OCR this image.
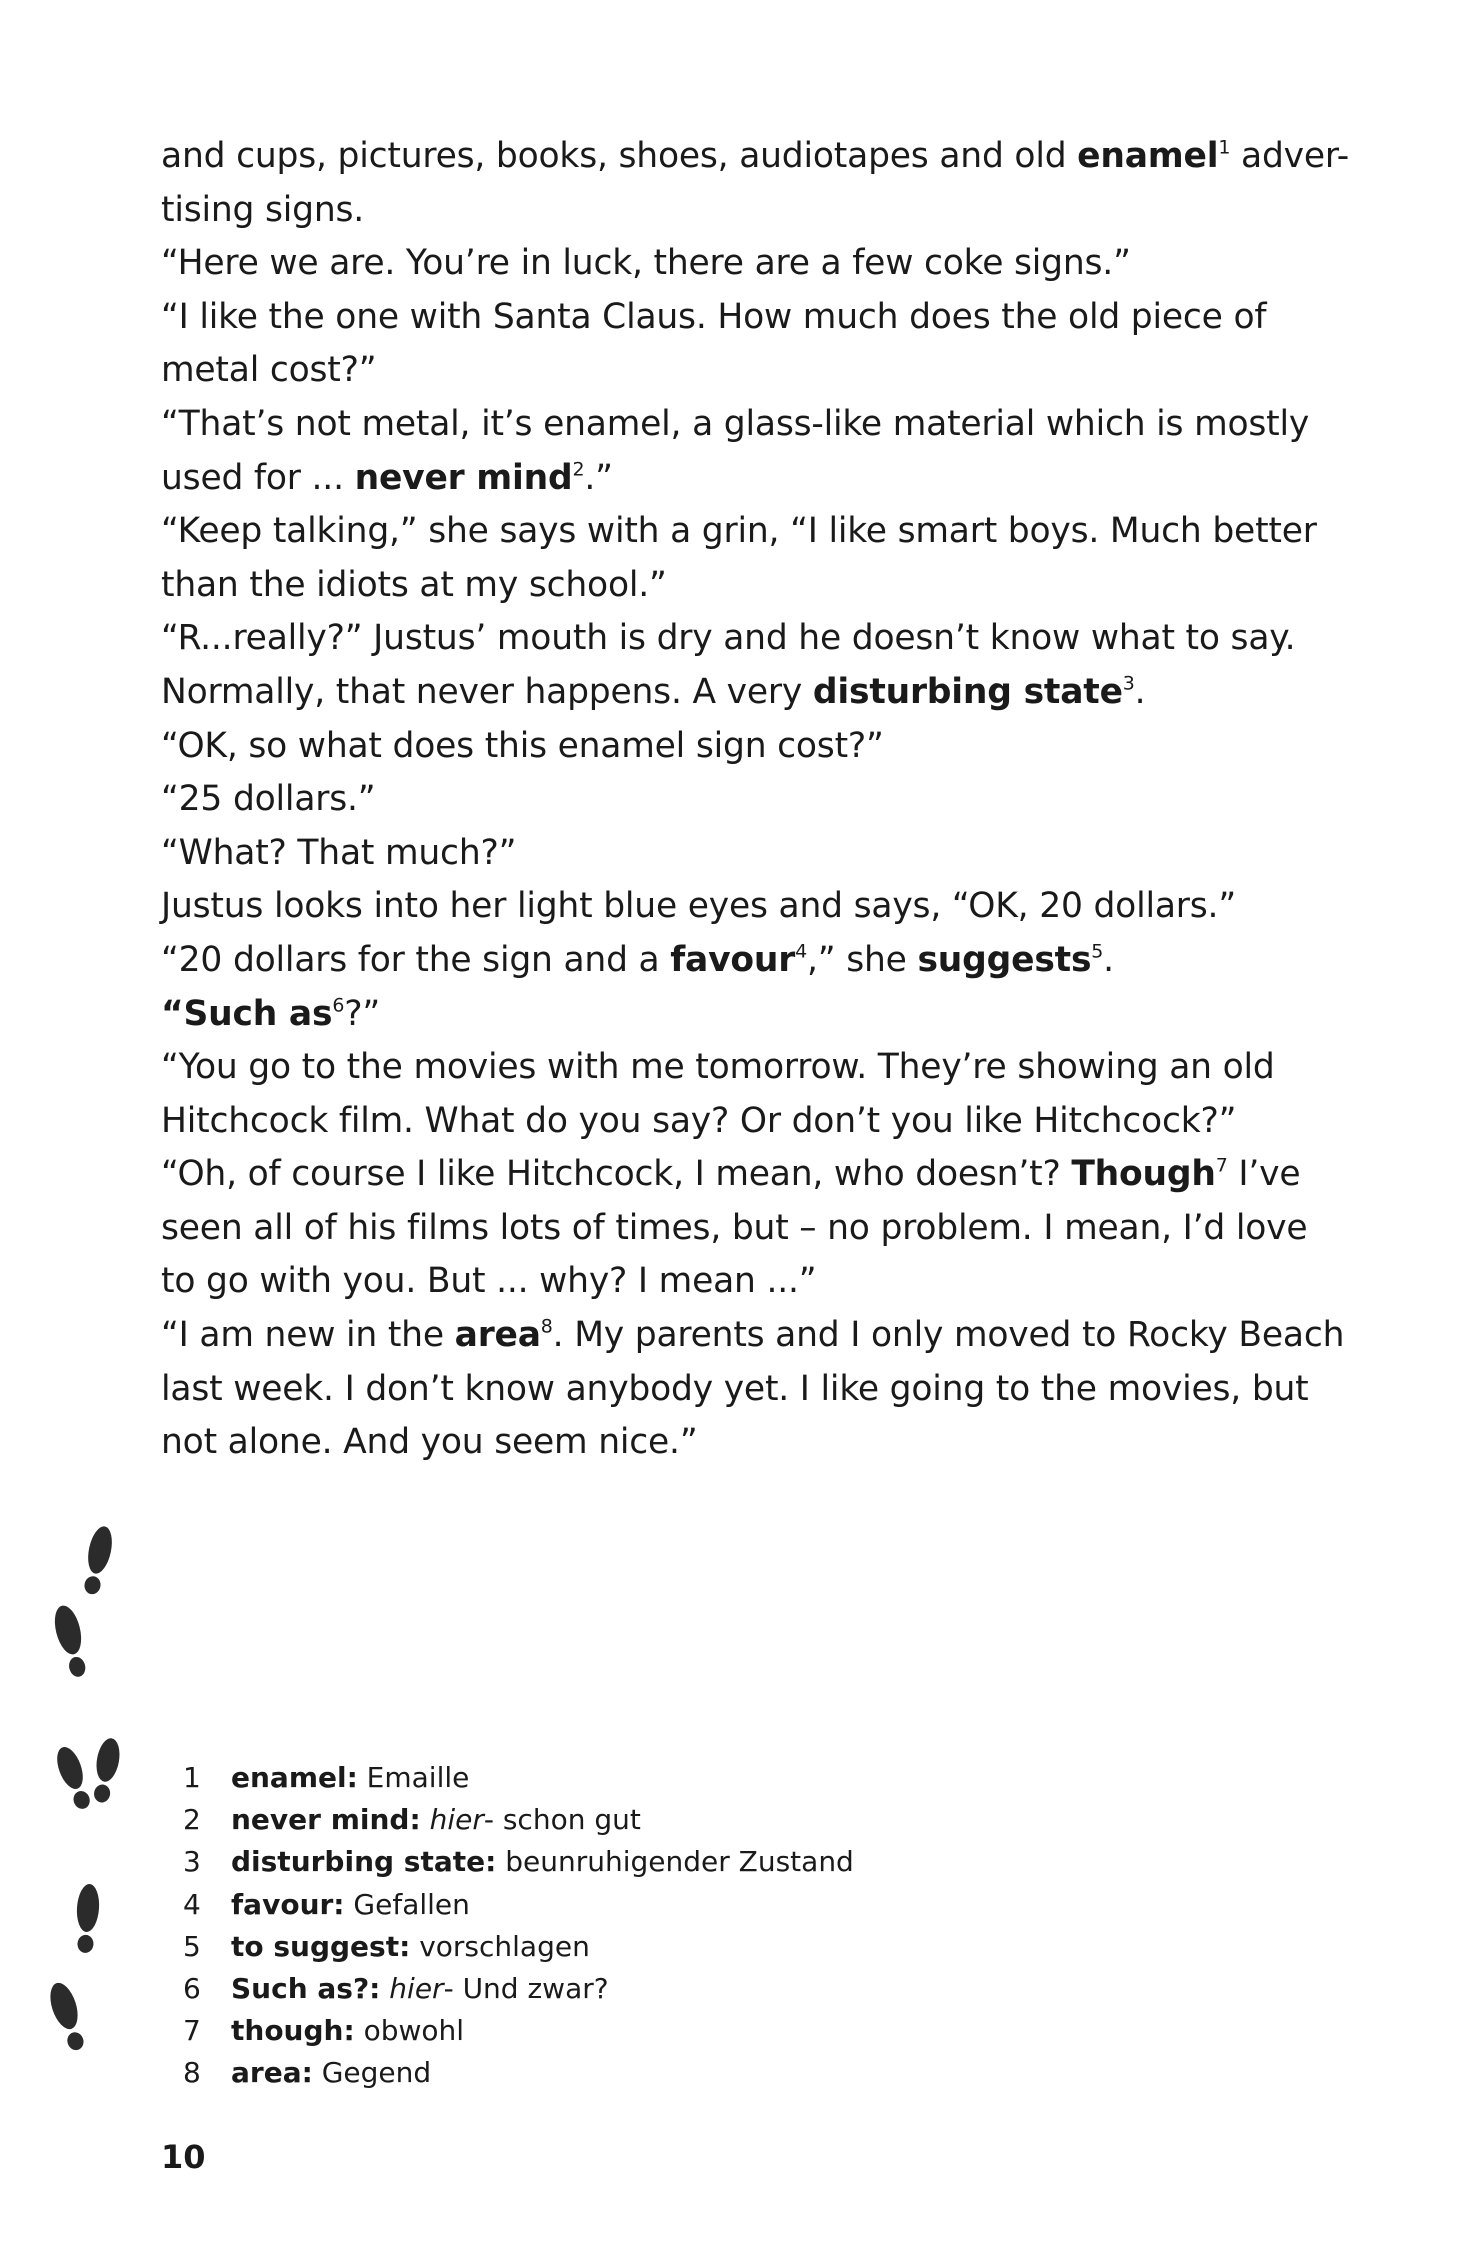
and cups, pictures, books, shoes, audiotapes and old enamel$^1$ adver-
tising signs.
“Here we are. You’re in luck, there are a few coke signs.”
“I like the one with Santa Claus. How much does the old piece of
metal cost?”
“That’s not metal, it’s enamel, a glass-like material which is mostly
used for ... never mind$^2$.”
“Keep talking,” she says with a grin, “I like smart boys. Much better
than the idiots at my school.”
“R...really?” Justus’ mouth is dry and he doesn’t know what to say.
Normally, that never happens. A very disturbing state$^3$.
“OK, so what does this enamel sign cost?”
“25 dollars.”
“What? That much?”
Justus looks into her light blue eyes and says, “OK, 20 dollars.”
“20 dollars for the sign and a favour$^4$,” she suggests$^5$.
“Such $as^6$?”
“You go to the movies with me tomorrow. They’re showing an old
Hitchcock film. What do you say? Or don’t you like Hitchcock?”
“Oh, of course I like Hitchcock, I mean, who doesn’t? Though$^7$ I’ve
seen all of his films lots of times, but – no problem. I mean, I’d love
to go with you. But ... why? I mean ...”
“I am new in the area$^8$. My parents and I only moved to Rocky Beach
last week. I don’t know anybody yet. I like going to the movies, but
not alone. And you seem nice.”
1	enamel: Emaille
2	never mind: hier- schon gut
3	disturbing state: beunruhigender Zustand
4	favour: Gefallen
5	to suggest: vorschlagen
6	Such as?: hier- Und zwar?
7	though: obwohl
8	area: Gegend
10
